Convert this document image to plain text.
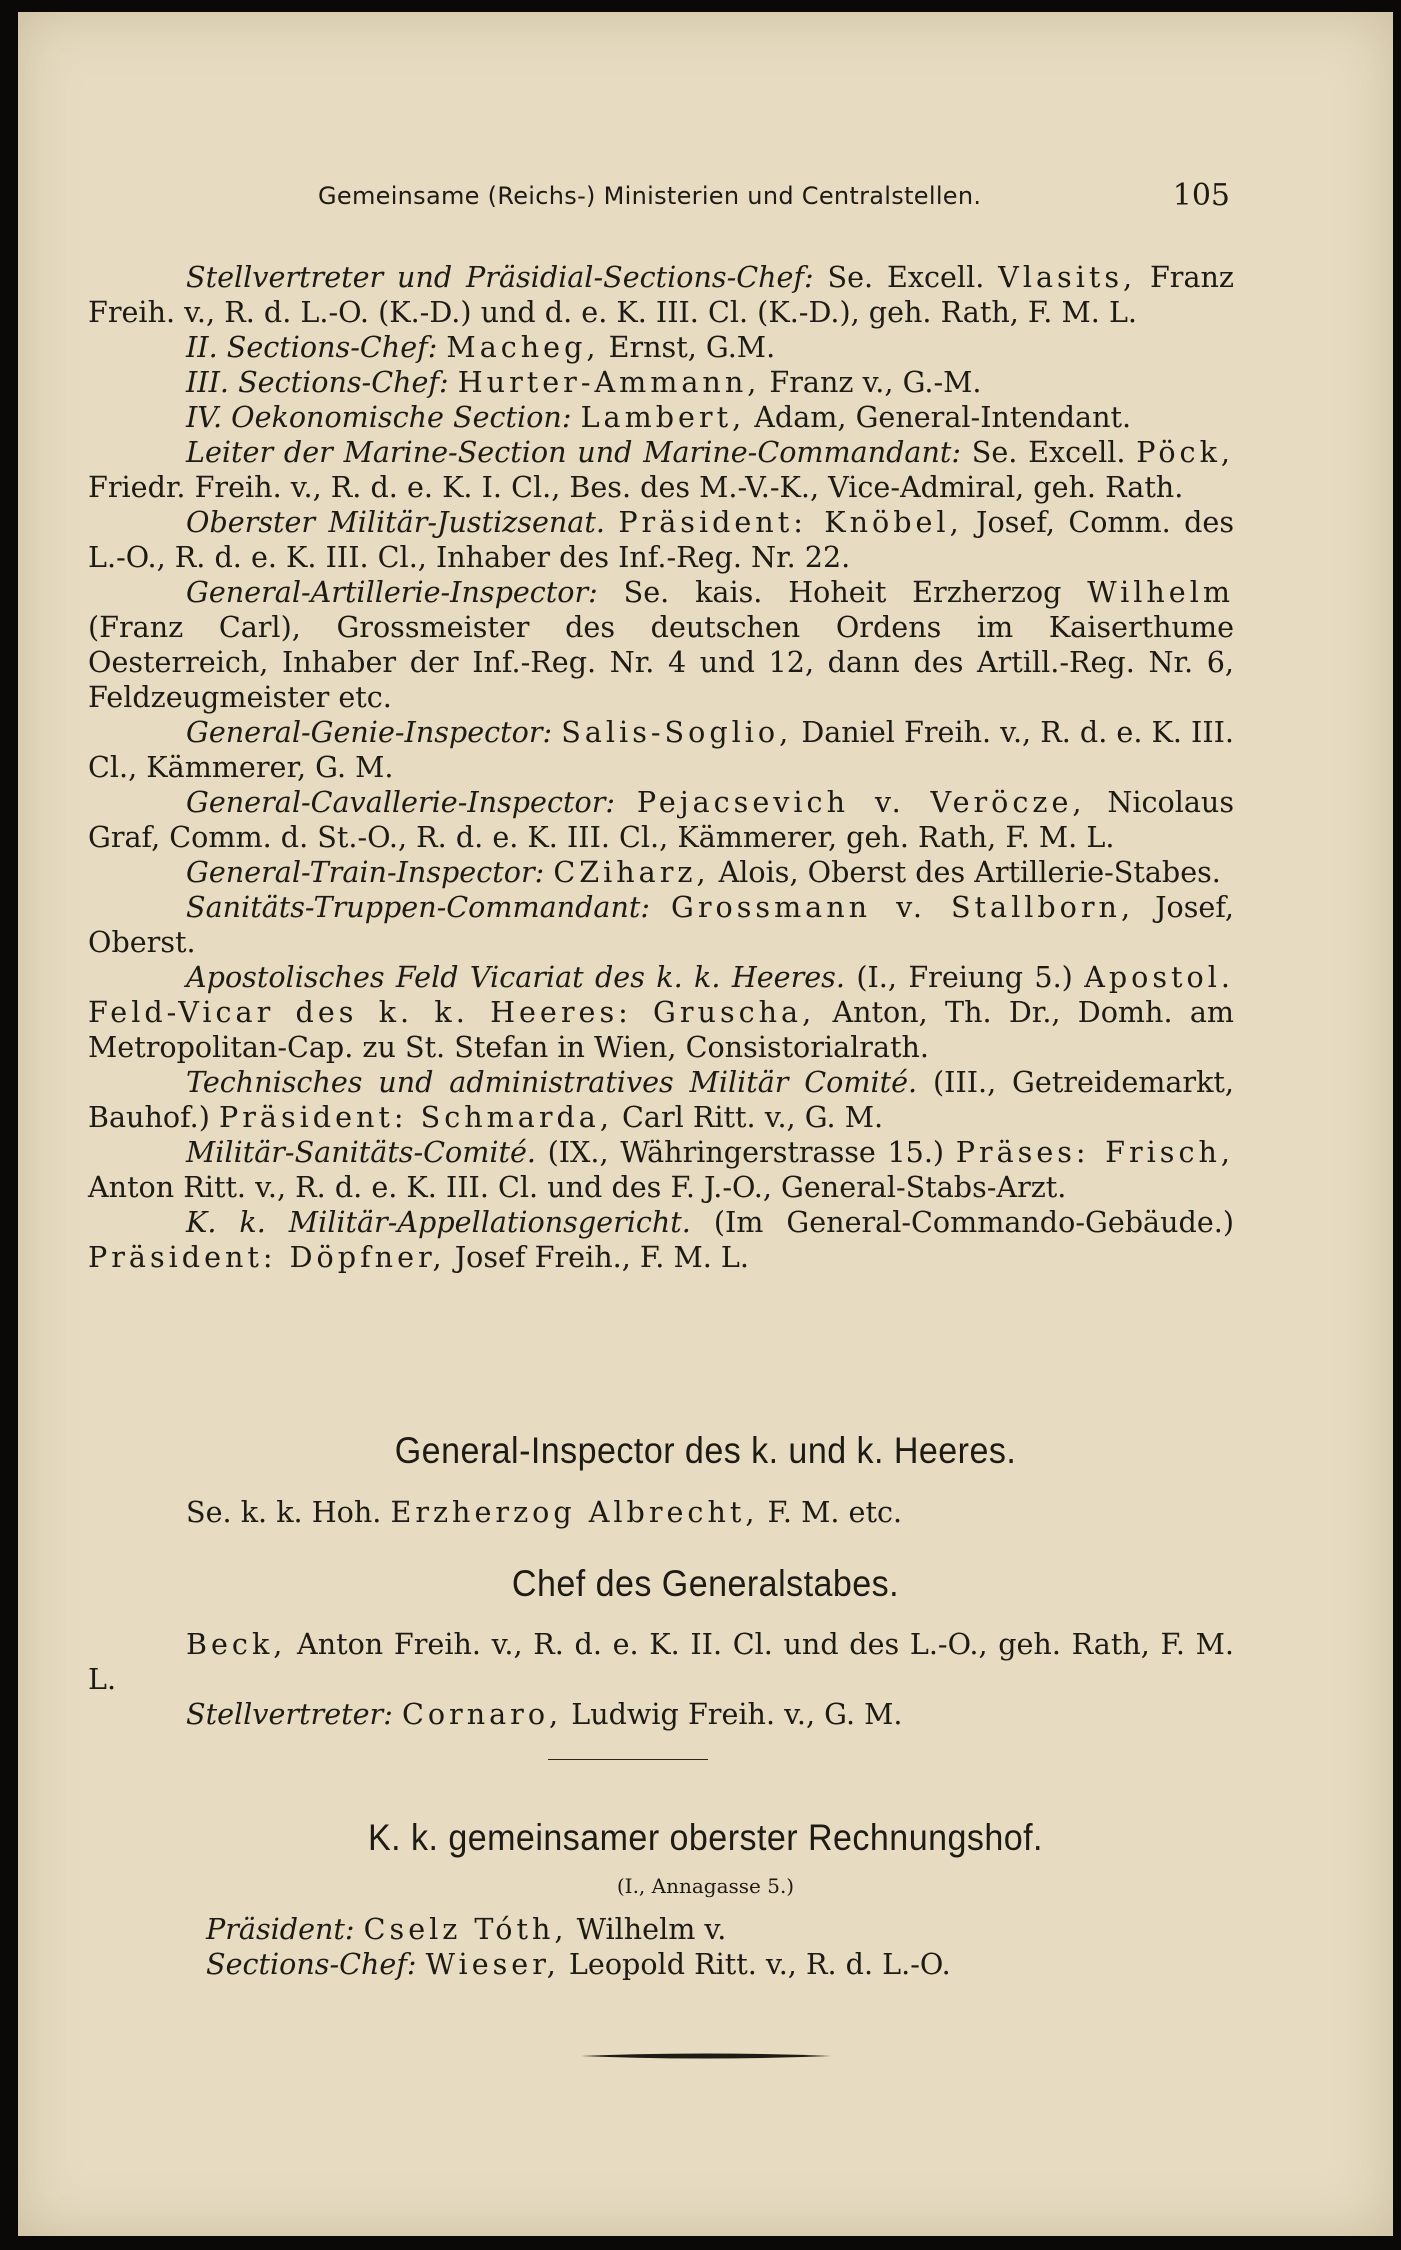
Gemeinsame (Reichs-) Ministerien und Centralstellen.	105

Stellvertreter und Präsidial-Sections-Chef: Se. Excell. Vlasits, Franz Freih. v., R. d. L.-O. (K.-D.) und d. e. K. III. Cl. (K.-D.), geh. Rath, F. M. L.

II. Sections-Chef: Macheg, Ernst, G.M.

III. Sections-Chef: Hurter-Ammann, Franz v., G.-M.

IV. Oekonomische Section: Lambert, Adam, General-Intendant.

Leiter der Marine-Section und Marine-Commandant: Se. Excell. Pöck, Friedr. Freih. v., R. d. e. K. I. Cl., Bes. des M.-V.-K., Vice-Admiral, geh. Rath.

Oberster Militär-Justizsenat. Präsident: Knöbel, Josef, Comm. des L.-O., R. d. e. K. III. Cl., Inhaber des Inf.-Reg. Nr. 22.

General-Artillerie-Inspector: Se. kais. Hoheit Erzherzog Wilhelm (Franz Carl), Grossmeister des deutschen Ordens im Kaiserthume Oesterreich, Inhaber der Inf.-Reg. Nr. 4 und 12, dann des Artill.-Reg. Nr. 6, Feldzeugmeister etc.

General-Genie-Inspector: Salis-Soglio, Daniel Freih. v., R. d. e. K. III. Cl., Kämmerer, G. M.

General-Cavallerie-Inspector: Pejacsevich v. Veröcze, Nicolaus Graf, Comm. d. St.-O., R. d. e. K. III. Cl., Kämmerer, geh. Rath, F. M. L.

General-Train-Inspector: CZiharz, Alois, Oberst des Artillerie-Stabes.

Sanitäts-Truppen-Commandant: Grossmann v. Stallborn, Josef, Oberst.

Apostolisches Feld Vicariat des k. k. Heeres. (I., Freiung 5.) Apostol. Feld-Vicar des k. k. Heeres: Gruscha, Anton, Th. Dr., Domh. am Metropolitan-Cap. zu St. Stefan in Wien, Consistorialrath.

Technisches und administratives Militär Comité. (III., Getreidemarkt, Bauhof.) Präsident: Schmarda, Carl Ritt. v., G. M.

Militär-Sanitäts-Comité. (IX., Währingerstrasse 15.) Präses: Frisch, Anton Ritt. v., R. d. e. K. III. Cl. und des F. J.-O., General-Stabs-Arzt.

K. k. Militär-Appellationsgericht. (Im General-Commando-Gebäude.) Präsident: Döpfner, Josef Freih., F. M. L.

General-Inspector des k. und k. Heeres.

Se. k. k. Hoh. Erzherzog Albrecht, F. M. etc.

Chef des Generalstabes.

Beck, Anton Freih. v., R. d. e. K. II. Cl. und des L.-O., geh. Rath, F. M. L.

Stellvertreter: Cornaro, Ludwig Freih. v., G. M.

K. k. gemeinsamer oberster Rechnungshof.
(I., Annagasse 5.)

Präsident: Cselz Tóth, Wilhelm v.

Sections-Chef: Wieser, Leopold Ritt. v., R. d. L.-O.
